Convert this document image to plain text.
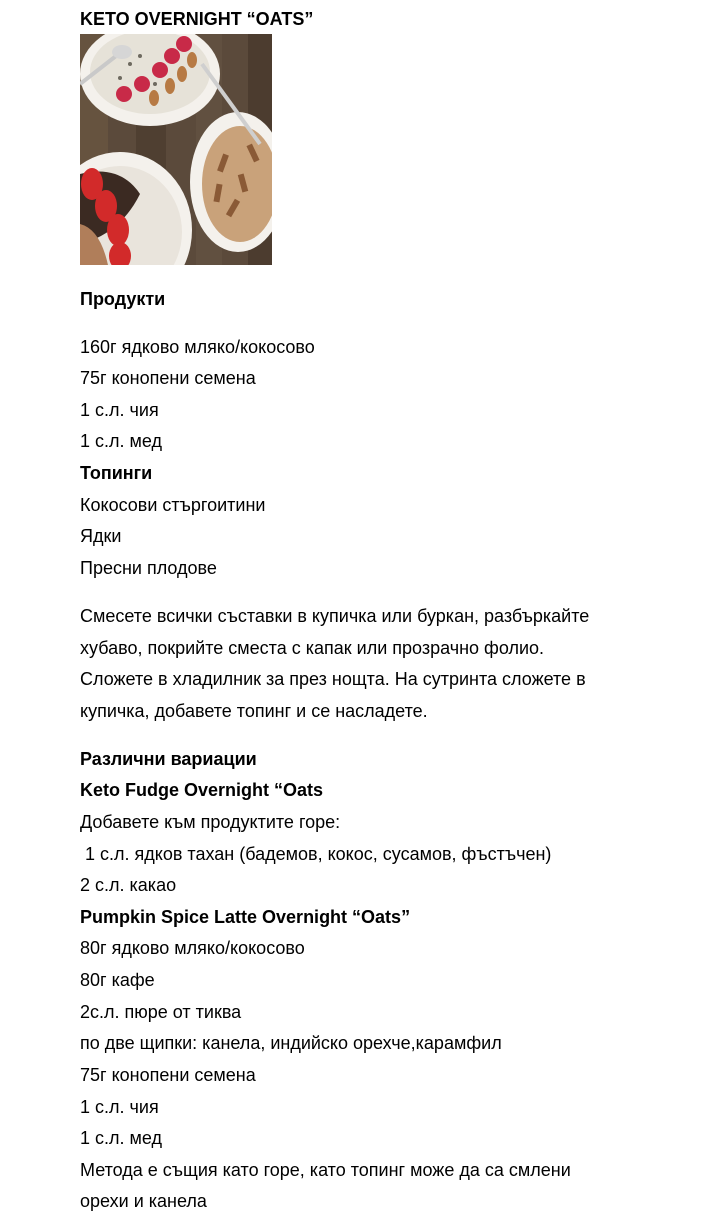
KETO OVERNIGHT “OATS”
Продукти
160г ядково мляко/кокосово
75г конопени семена
1 с.л. чия
1 с.л. мед
Топинги
Кокосови стъргоитини
Ядки
Пресни плодове
Смесете всички съставки в купичка или буркан, разбъркайте
хубаво, покрийте сместа с капак или прозрачно фолио.
Сложете в хладилник за през нощта. На сутринта сложете в
купичка, добавете топинг и се насладете.
Различни вариации
Keto Fudge Overnight “Oats
Добавете към продуктите горе:
1 с.л. ядков тахан (бадемов, кокос, сусамов, фъстъчен)
2 с.л. какао
Pumpkin Spice Latte Overnight “Oats”
80г ядково мляко/кокосово
80г кафе
2с.л. пюре от тиква
по две щипки: канела, индийско орехче,карамфил
75г конопени семена
1 с.л. чия
1 с.л. мед
Метода е същия като горе, като топинг може да са смлени
орехи и канела
